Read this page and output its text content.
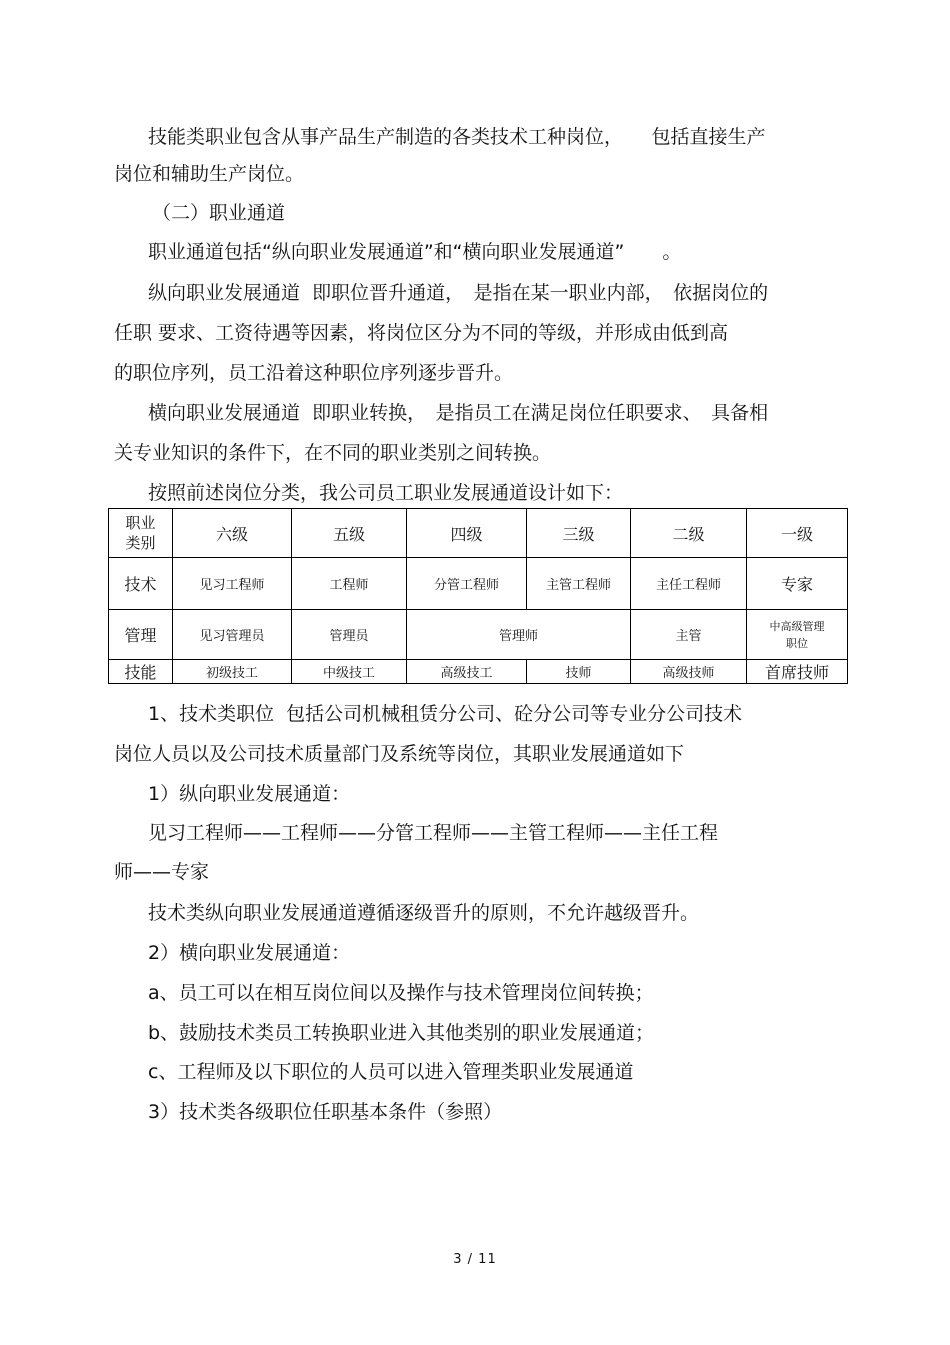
技能类职业包含从事产品生产制造的各类技术工种岗位，　　包括直接生产
岗位和辅助生产岗位。
（二）职业通道
职业通道包括“纵向职业发展通道”和“横向职业发展通道”　　。
纵向职业发展通道  即职位晋升通道，　是指在某一职业内部，　依据岗位的
任职 要求、工资待遇等因素，将岗位区分为不同的等级，并形成由低到高
的职位序列，员工沿着这种职位序列逐步晋升。
横向职业发展通道  即职业转换，　是指员工在满足岗位任职要求、　具备相
关专业知识的条件下，在不同的职业类别之间转换。
按照前述岗位分类，我公司员工职业发展通道设计如下：
职业
类别	六级	五级	四级	三级	二级	一级
技术	见习工程师	工程师	分管工程师	主管工程师	主任工程师	专家
管理	见习管理员	管理员	管理师		主管	中高级管理
职位

技能	初级技工	中级技工	高级技工	技师	高级技师	首席技师
1、技术类职位  包括公司机械租赁分公司、砼分公司等专业分公司技术
岗位人员以及公司技术质量部门及系统等岗位，其职业发展通道如下
1）纵向职业发展通道：
见习工程师——工程师——分管工程师——主管工程师——主任工程
师——专家
技术类纵向职业发展通道遵循逐级晋升的原则，不允许越级晋升。
2）横向职业发展通道：
a、员工可以在相互岗位间以及操作与技术管理岗位间转换；
b、鼓励技术类员工转换职业进入其他类别的职业发展通道；
c、工程师及以下职位的人员可以进入管理类职业发展通道
3）技术类各级职位任职基本条件（参照）
3 / 11
